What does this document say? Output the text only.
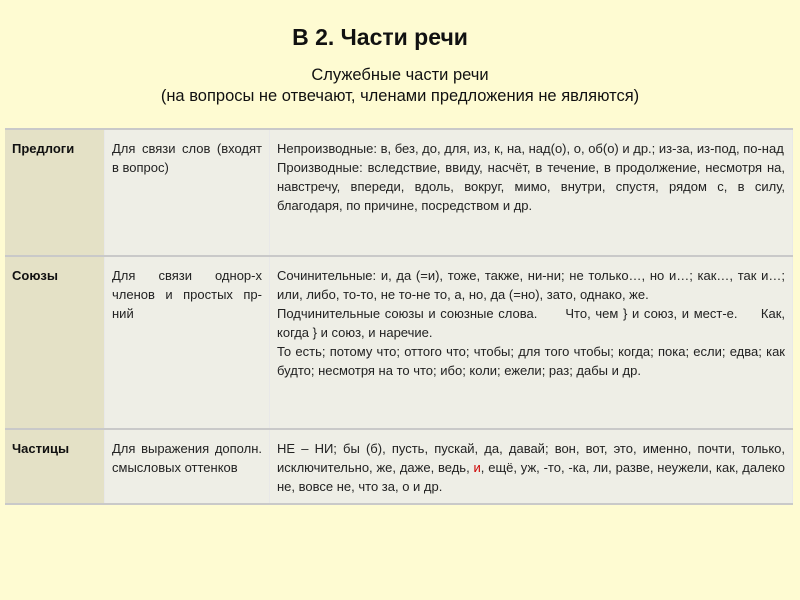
В 2. Части речи
Служебные части речи
(на вопросы не отвечают, членами предложения не являются)
Предлоги	Для связи слов (входят в вопрос)	Непроизводные: в, без, до, для, из, к, на, над(о), о, об(о) и др.; из-за, из-под, по-над
Производные: вследствие, ввиду, насчёт, в течение, в продолжение, несмотря на, навстречу, впереди, вдоль, вокруг, мимо, внутри, спустя, рядом с, в силу, благодаря, по причине, посредством и др.

Союзы	Для связи однор-х членов и простых пр-ний	Сочинительные: и, да (=и), тоже, также, ни-ни; не только…, но и…; как…, так и…; или, либо, то-то, не то-не то, а, но, да (=но), зато, однако, же.
Подчинительные союзы и союзные слова.      Что, чем } и союз, и мест-е.     Как, когда } и союз, и наречие.
То есть; потому что; оттого что; чтобы; для того чтобы; когда; пока; если; едва; как будто; несмотря на то что; ибо; коли; ежели; раз; дабы и др.

Частицы	Для выражения дополн. смысловых оттенков	НЕ – НИ; бы (б), пусть, пускай, да, давай; вон, вот, это, именно, почти, только, исключительно, же, даже, ведь, и, ещё, уж, -то, -ка, ли, разве, неужели, как, далеко не, вовсе не, что за, о и др.
